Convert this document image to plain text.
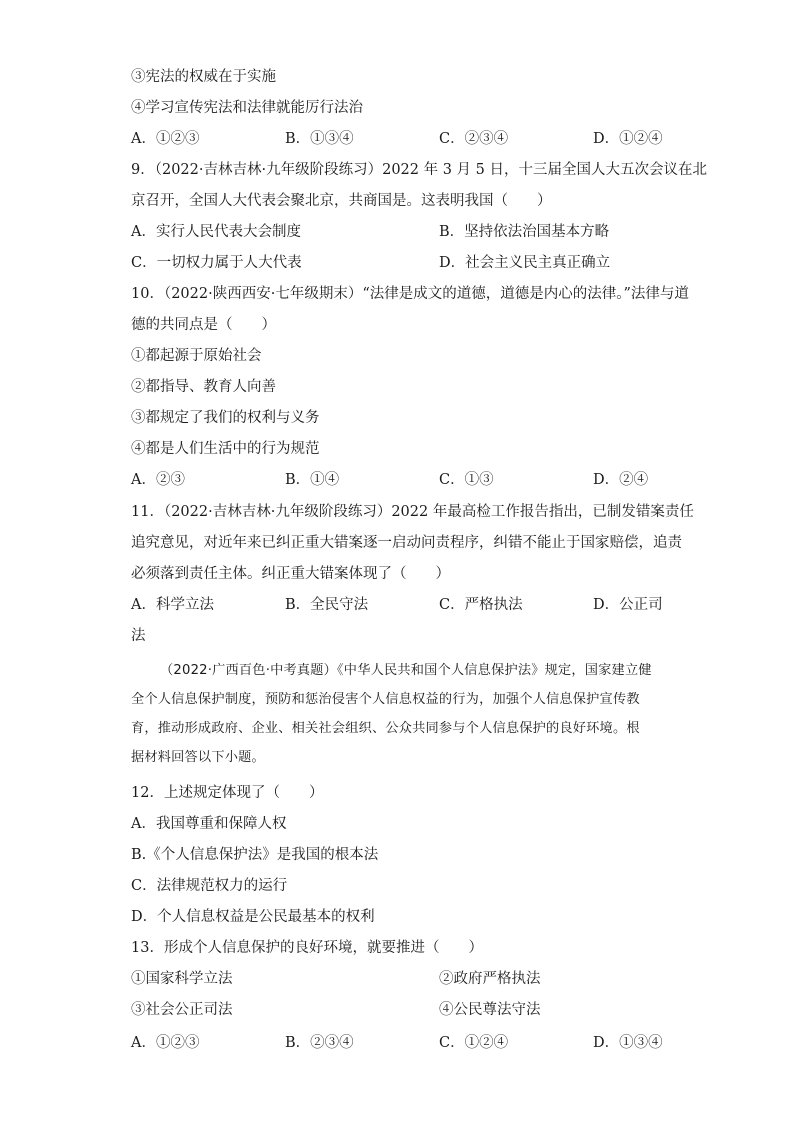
③宪法的权威在于实施
④学习宣传宪法和法律就能厉行法治
A．①②③	B．①③④	C．②③④	D．①②④
9．（2022·吉林吉林·九年级阶段练习）2022 年 3 月 5 日，十三届全国人大五次会议在北
京召开，全国人大代表会聚北京，共商国是。这表明我国（　　）
A．实行人民代表大会制度	B．坚持依法治国基本方略
C．一切权力属于人大代表	D．社会主义民主真正确立
10．（2022·陕西西安·七年级期末）“法律是成文的道德，道德是内心的法律。”法律与道
德的共同点是（　　）
①都起源于原始社会
②都指导、教育人向善
③都规定了我们的权利与义务
④都是人们生活中的行为规范
A．②③	B．①④	C．①③	D．②④
11．（2022·吉林吉林·九年级阶段练习）2022 年最高检工作报告指出，已制发错案责任
追究意见，对近年来已纠正重大错案逐一启动问责程序，纠错不能止于国家赔偿，追责
必须落到责任主体。纠正重大错案体现了（　　）
A．科学立法	B．全民守法	C．严格执法	D．公正司
法
（2022·广西百色·中考真题）《中华人民共和国个人信息保护法》规定，国家建立健
全个人信息保护制度，预防和惩治侵害个人信息权益的行为，加强个人信息保护宣传教
育，推动形成政府、企业、相关社会组织、公众共同参与个人信息保护的良好环境。根
据材料回答以下小题。
12．上述规定体现了（　　）
A．我国尊重和保障人权
B.《个人信息保护法》是我国的根本法
C．法律规范权力的运行
D．个人信息权益是公民最基本的权利
13．形成个人信息保护的良好环境，就要推进（　　）
①国家科学立法	②政府严格执法
③社会公正司法	④公民尊法守法
A．①②③	B．②③④	C．①②④	D．①③④
